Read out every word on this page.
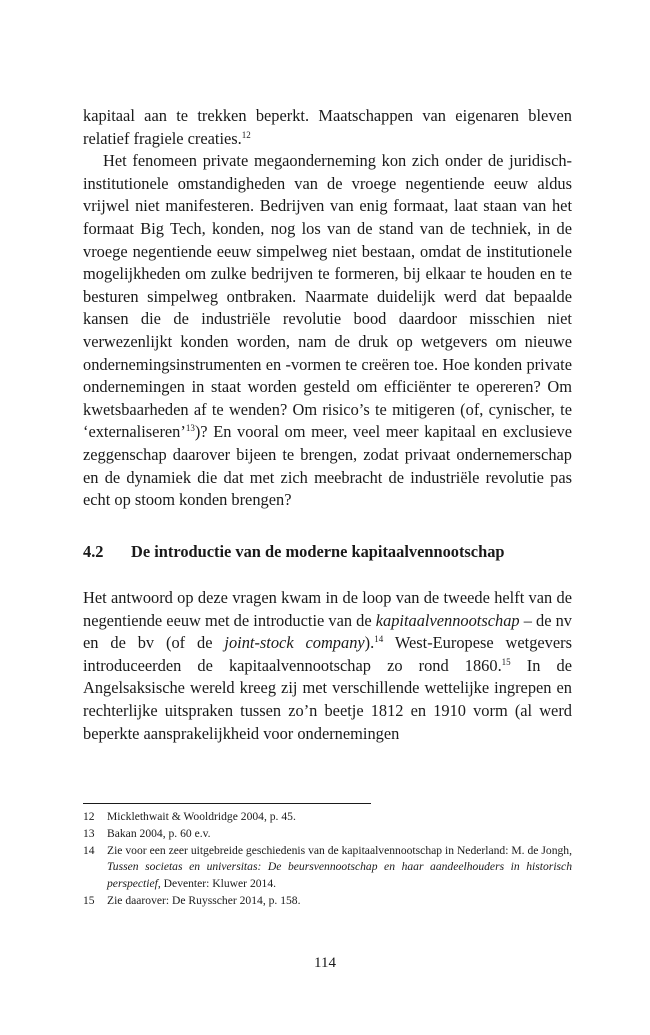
kapitaal aan te trekken beperkt. Maatschappen van eigenaren bleven relatief fragiele creaties.$^{12}$

Het fenomeen private megaonderneming kon zich onder de juridisch-institutionele omstandigheden van de vroege negentiende eeuw aldus vrijwel niet manifesteren. Bedrijven van enig formaat, laat staan van het formaat Big Tech, konden, nog los van de stand van de techniek, in de vroege negentiende eeuw simpelweg niet bestaan, omdat de institutionele mogelijkheden om zulke bedrijven te formeren, bij elkaar te houden en te besturen simpelweg ontbraken. Naarmate duidelijk werd dat bepaalde kansen die de industriële revolutie bood daardoor misschien niet verwezenlijkt konden worden, nam de druk op wetgevers om nieuwe ondernemingsinstrumenten en -vormen te creëren toe. Hoe konden private ondernemingen in staat worden gesteld om efficiënter te opereren? Om kwetsbaarheden af te wenden? Om risico’s te mitigeren (of, cynischer, te ‘externaliseren’$^{13}$)? En vooral om meer, veel meer kapitaal en exclusieve zeggenschap daarover bijeen te brengen, zodat privaat ondernemerschap en de dynamiek die dat met zich meebracht de industriële revolutie pas echt op stoom konden brengen?

4.2 De introductie van de moderne kapitaalvennootschap

Het antwoord op deze vragen kwam in de loop van de tweede helft van de negentiende eeuw met de introductie van de kapitaalvennootschap – de nv en de bv (of de joint-stock company).$^{14}$ West-Europese wetgevers introduceerden de kapitaalvennootschap zo rond 1860.15 In de Angelsaksische wereld kreeg zij met verschillende wettelijke ingrepen en rechterlijke uitspraken tussen zo’n beetje 1812 en 1910 vorm (al werd beperkte aansprakelijkheid voor ondernemingen

12	Micklethwait & Wooldridge 2004, p. 45.
13	Bakan 2004, p. 60 e.v.
14	Zie voor een zeer uitgebreide geschiedenis van de kapitaalvennootschap in Nederland: M. de Jongh, Tussen societas en universitas: De beursvennootschap en haar aandeelhouders in historisch perspectief, Deventer: Kluwer 2014.
15	Zie daarover: De Ruysscher 2014, p. 158.
114
